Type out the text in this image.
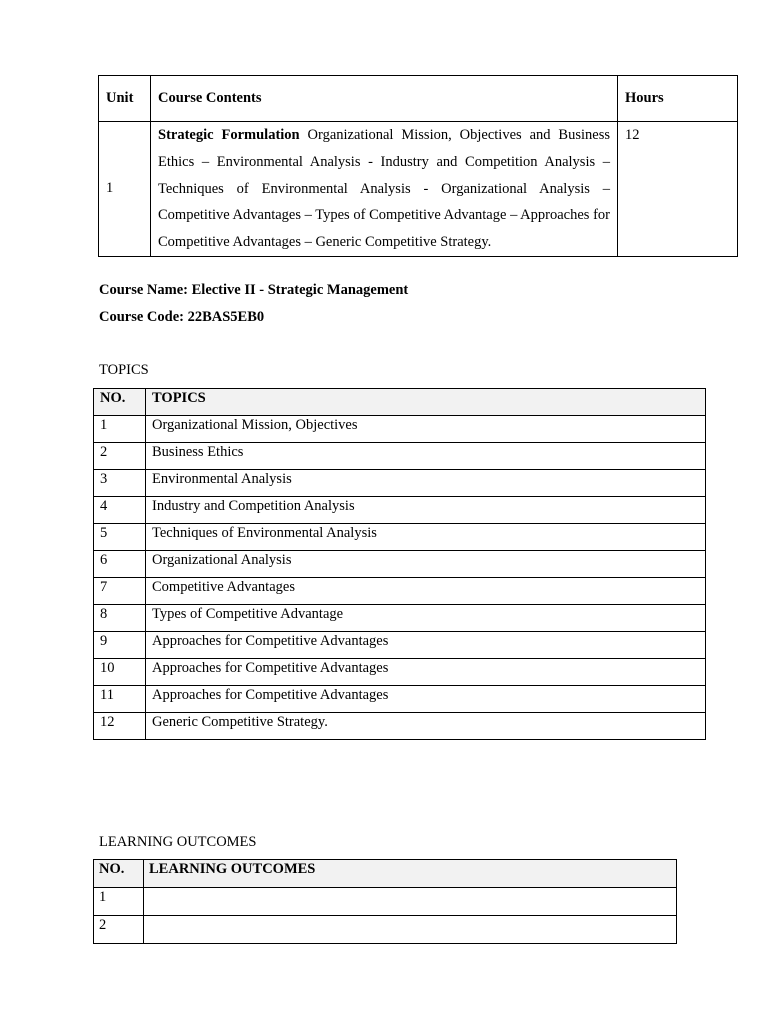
Unit	Course Contents	Hours
1	Strategic Formulation Organizational Mission, Objectives and Business Ethics – Environmental Analysis - Industry and Competition Analysis – Techniques of Environmental Analysis - Organizational Analysis – Competitive Advantages – Types of Competitive Advantage – Approaches for Competitive Advantages – Generic Competitive Strategy.	12

Course Name: Elective II - Strategic Management

Course Code: 22BAS5EB0

TOPICS

NO.	TOPICS
1	Organizational Mission, Objectives
2	Business Ethics
3	Environmental Analysis
4	Industry and Competition Analysis
5	Techniques of Environmental Analysis
6	Organizational Analysis
7	Competitive Advantages
8	Types of Competitive Advantage
9	Approaches for Competitive Advantages
10	Approaches for Competitive Advantages
11	Approaches for Competitive Advantages
12	Generic Competitive Strategy.

LEARNING OUTCOMES

NO.	LEARNING OUTCOMES
1	
2	
